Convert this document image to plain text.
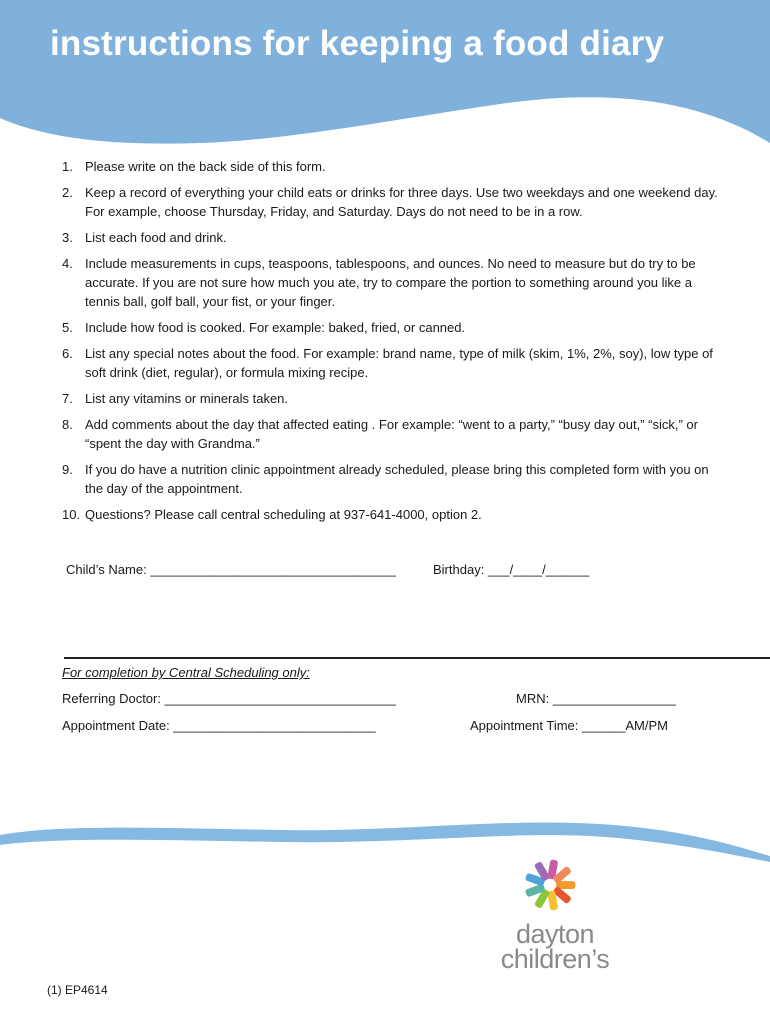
instructions for keeping a food diary
1. Please write on the back side of this form.
2. Keep a record of everything your child eats or drinks for three days. Use two weekdays and one weekend day. For example, choose Thursday, Friday, and Saturday. Days do not need to be in a row.
3. List each food and drink.
4. Include measurements in cups, teaspoons, tablespoons, and ounces. No need to measure but do try to be accurate. If you are not sure how much you ate, try to compare the portion to something around you like a tennis ball, golf ball, your fist, or your finger.
5. Include how food is cooked. For example: baked, fried, or canned.
6. List any special notes about the food. For example: brand name, type of milk (skim, 1%, 2%, soy), low type of soft drink (diet, regular), or formula mixing recipe.
7. List any vitamins or minerals taken.
8. Add comments about the day that affected eating . For example: “went to a party,” “busy day out,” “sick,” or “spent the day with Grandma.”
9. If you do have a nutrition clinic appointment already scheduled, please bring this completed form with you on the day of the appointment.
10. Questions? Please call central scheduling at 937-641-4000, option 2.
Child’s Name: __________________________________	Birthday: ___/____/______
For completion by Central Scheduling only:
Referring Doctor: ________________________________	MRN: _________________
Appointment Date: ____________________________	Appointment Time: ______AM/PM
dayton
children’s
(1) EP4614
